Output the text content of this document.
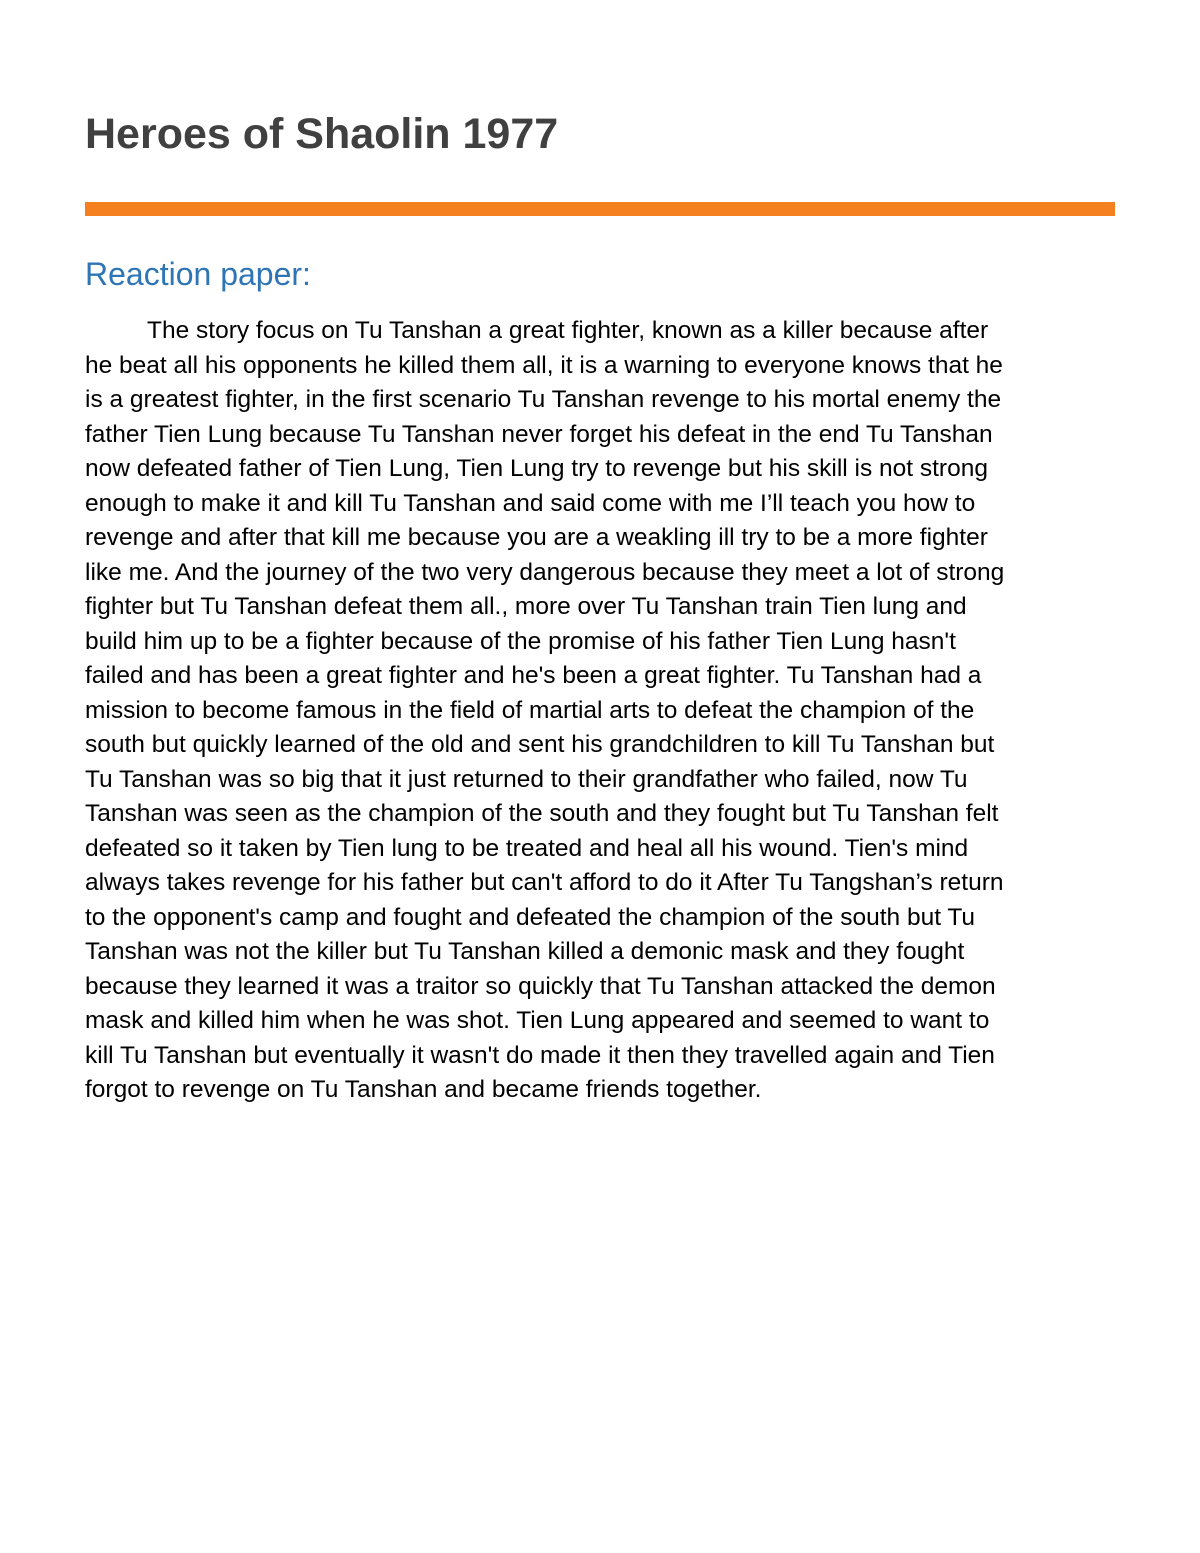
Heroes of Shaolin 1977
Reaction paper:
The story focus on Tu Tanshan a great fighter, known as a killer because after
he beat all his opponents he killed them all, it is a warning to everyone knows that he
is a greatest fighter, in the first scenario Tu Tanshan revenge to his mortal enemy the
father Tien Lung because Tu Tanshan never forget his defeat in the end Tu Tanshan
now defeated father of Tien Lung, Tien Lung try to revenge but his skill is not strong
enough to make it and kill Tu Tanshan and said come with me I’ll teach you how to
revenge and after that kill me because you are a weakling ill try to be a more fighter
like me. And the journey of the two very dangerous because they meet a lot of strong
fighter but Tu Tanshan defeat them all., more over Tu Tanshan train Tien lung and
build him up to be a fighter because of the promise of his father Tien Lung hasn't
failed and has been a great fighter and he's been a great fighter. Tu Tanshan had a
mission to become famous in the field of martial arts to defeat the champion of the
south but quickly learned of the old and sent his grandchildren to kill Tu Tanshan but
Tu Tanshan was so big that it just returned to their grandfather who failed, now Tu
Tanshan was seen as the champion of the south and they fought but Tu Tanshan felt
defeated so it taken by Tien lung to be treated and heal all his wound. Tien's mind
always takes revenge for his father but can't afford to do it After Tu Tangshan’s return
to the opponent's camp and fought and defeated the champion of the south but Tu
Tanshan was not the killer but Tu Tanshan killed a demonic mask and they fought
because they learned it was a traitor so quickly that Tu Tanshan attacked the demon
mask and killed him when he was shot. Tien Lung appeared and seemed to want to
kill Tu Tanshan but eventually it wasn't do made it then they travelled again and Tien
forgot to revenge on Tu Tanshan and became friends together.
